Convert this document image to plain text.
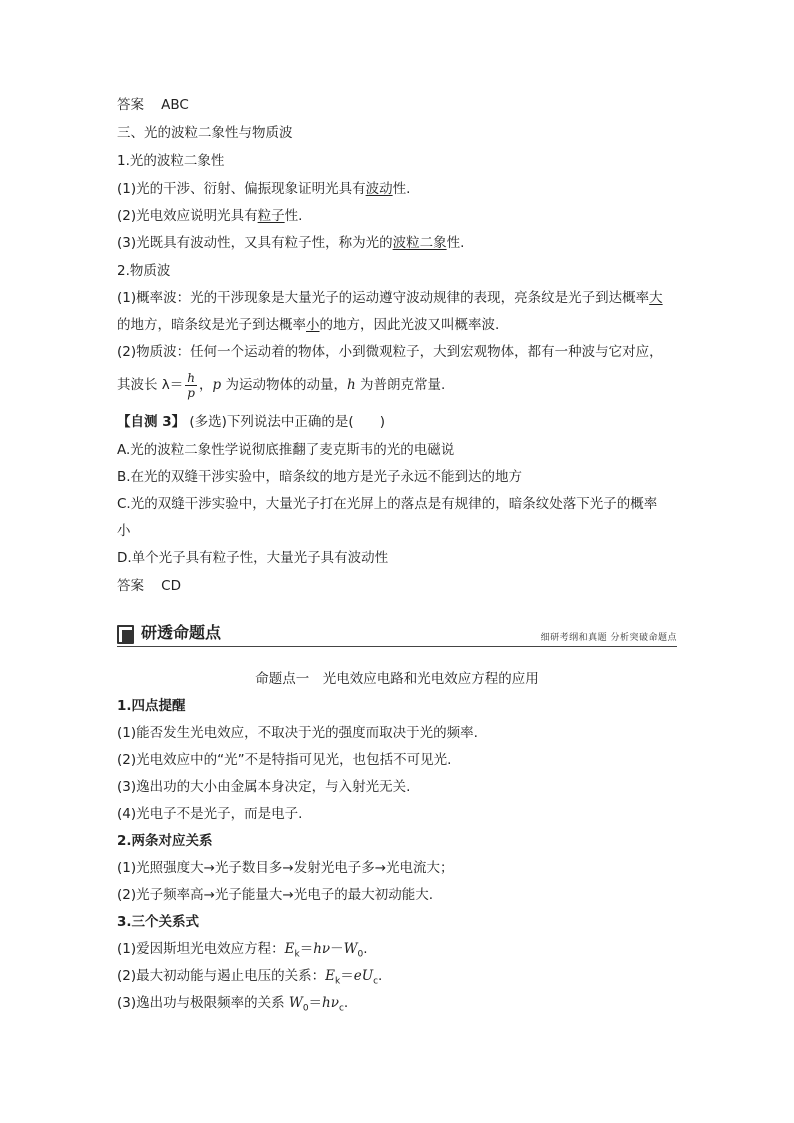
答案 ABC
三、光的波粒二象性与物质波
1.光的波粒二象性
(1)光的干涉、衍射、偏振现象证明光具有波动性.
(2)光电效应说明光具有粒子性.
(3)光既具有波动性，又具有粒子性，称为光的波粒二象性.
2.物质波
(1)概率波：光的干涉现象是大量光子的运动遵守波动规律的表现，亮条纹是光子到达概率大
的地方，暗条纹是光子到达概率小的地方，因此光波又叫概率波.
(2)物质波：任何一个运动着的物体，小到微观粒子，大到宏观物体，都有一种波与它对应，
其波长 $\lambda= \frac{h}{p}$ ，p 为运动物体的动量，h 为普朗克常量.
【自测 3】 (多选)下列说法中正确的是( )
A.光的波粒二象性学说彻底推翻了麦克斯韦的光的电磁说
B.在光的双缝干涉实验中，暗条纹的地方是光子永远不能到达的地方
C.光的双缝干涉实验中，大量光子打在光屏上的落点是有规律的，暗条纹处落下光子的概率
小
D.单个光子具有粒子性，大量光子具有波动性
答案 CD
研透命题点	细研考纲和真题 分析突破命题点
命题点一　光电效应电路和光电效应方程的应用
1.四点提醒
(1)能否发生光电效应，不取决于光的强度而取决于光的频率.
(2)光电效应中的“光”不是特指可见光，也包括不可见光.
(3)逸出功的大小由金属本身决定，与入射光无关.
(4)光电子不是光子，而是电子.
2.两条对应关系
(1)光照强度大→光子数目多→发射光电子多→光电流大；
(2)光子频率高→光子能量大→光电子的最大初动能大.
3.三个关系式
(1)爱因斯坦光电效应方程：$E_k=h\nu-W_0$.
(2)最大初动能与遏止电压的关系：$E_k=eU_c$.
(3)逸出功与极限频率的关系 $W_0=h\nu_c$.
